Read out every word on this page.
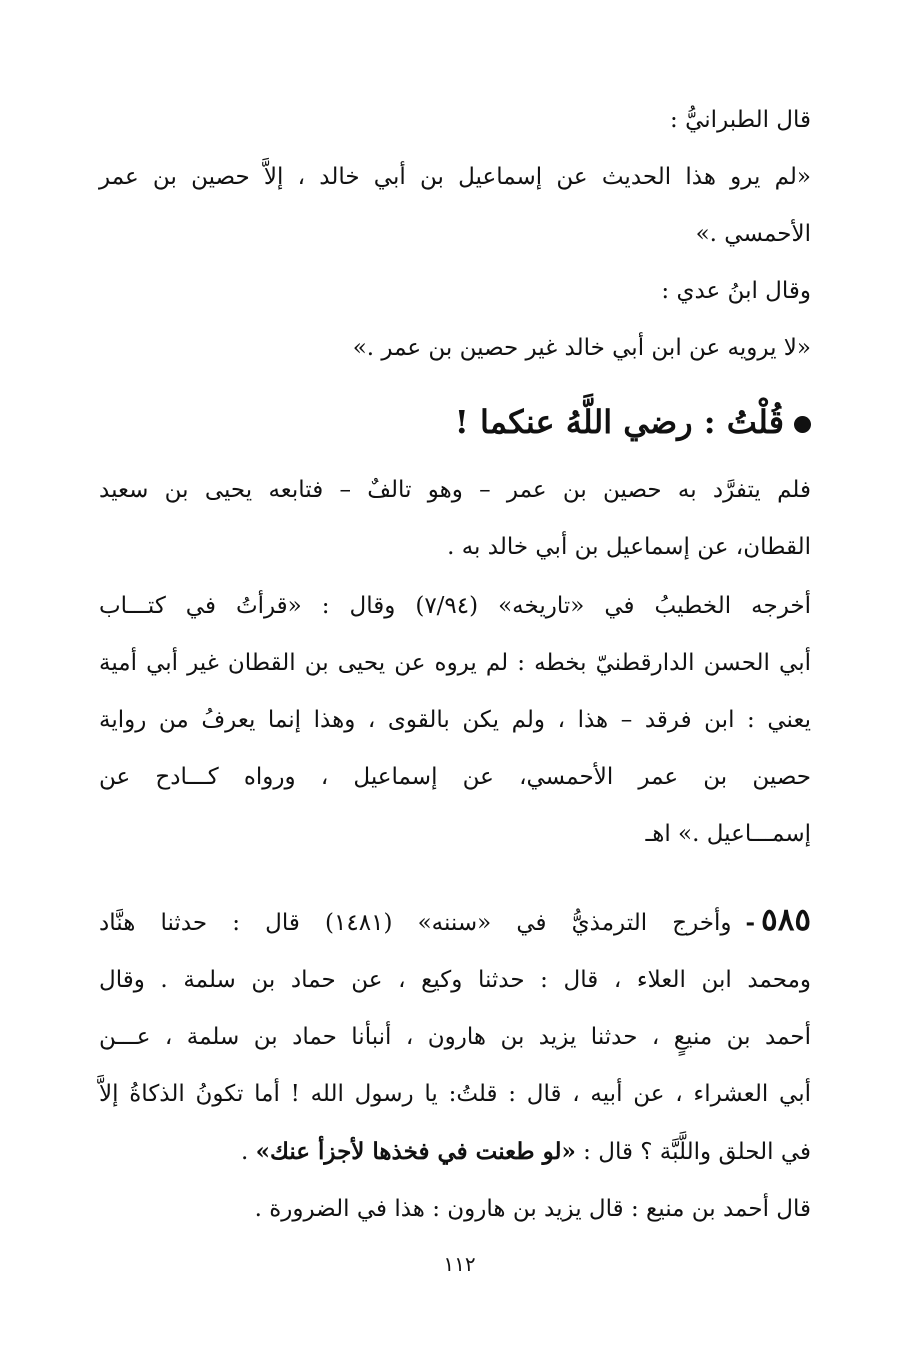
قال الطبرانيُّ :
«لم يرو هذا الحديث عن إسماعيل بن أبي خالد ، إلاَّ حصين بن عمر
الأحمسي .»
وقال ابنُ عدي :
«لا يرويه عن ابن أبي خالد غير حصين بن عمر .»
قُلْتُ : رضي اللَّهُ عنكما !
فلم يتفرَّد به حصين بن عمر – وهو تالفٌ – فتابعه يحيى بن سعيد
القطان، عن إسماعيل بن أبي خالد به .
أخرجه الخطيبُ في «تاريخه» (٧/٩٤) وقال : «قرأتُ في كتـــاب
أبي الحسن الدارقطنيّ بخطه : لم يروه عن يحيى بن القطان غير أبي أمية
يعني : ابن فرقد – هذا ، ولم يكن بالقوى ، وهذا إنما يعرفُ من رواية
حصين بن عمر الأحمسي، عن إسماعيل ، ورواه كـــادح عن
إسمـــاعيل .» اهـ
٥٨٥-وأخرج الترمذيُّ في «سننه» (١٤٨١) قال : حدثنا هنَّاد
ومحمد ابن العلاء ، قال : حدثنا وكيع ، عن حماد بن سلمة . وقال
أحمد بن منيعٍ ، حدثنا يزيد بن هارون ، أنبأنا حماد بن سلمة ، عـــن
أبي العشراء ، عن أبيه ، قال : قلتُ: يا رسول الله ! أما تكونُ الذكاةُ إلاَّ
في الحلق واللَّبَّة ؟ قال : «لو طعنت في فخذها لأجزأ عنك» .
قال أحمد بن منيع : قال يزيد بن هارون : هذا في الضرورة .
١١٢
